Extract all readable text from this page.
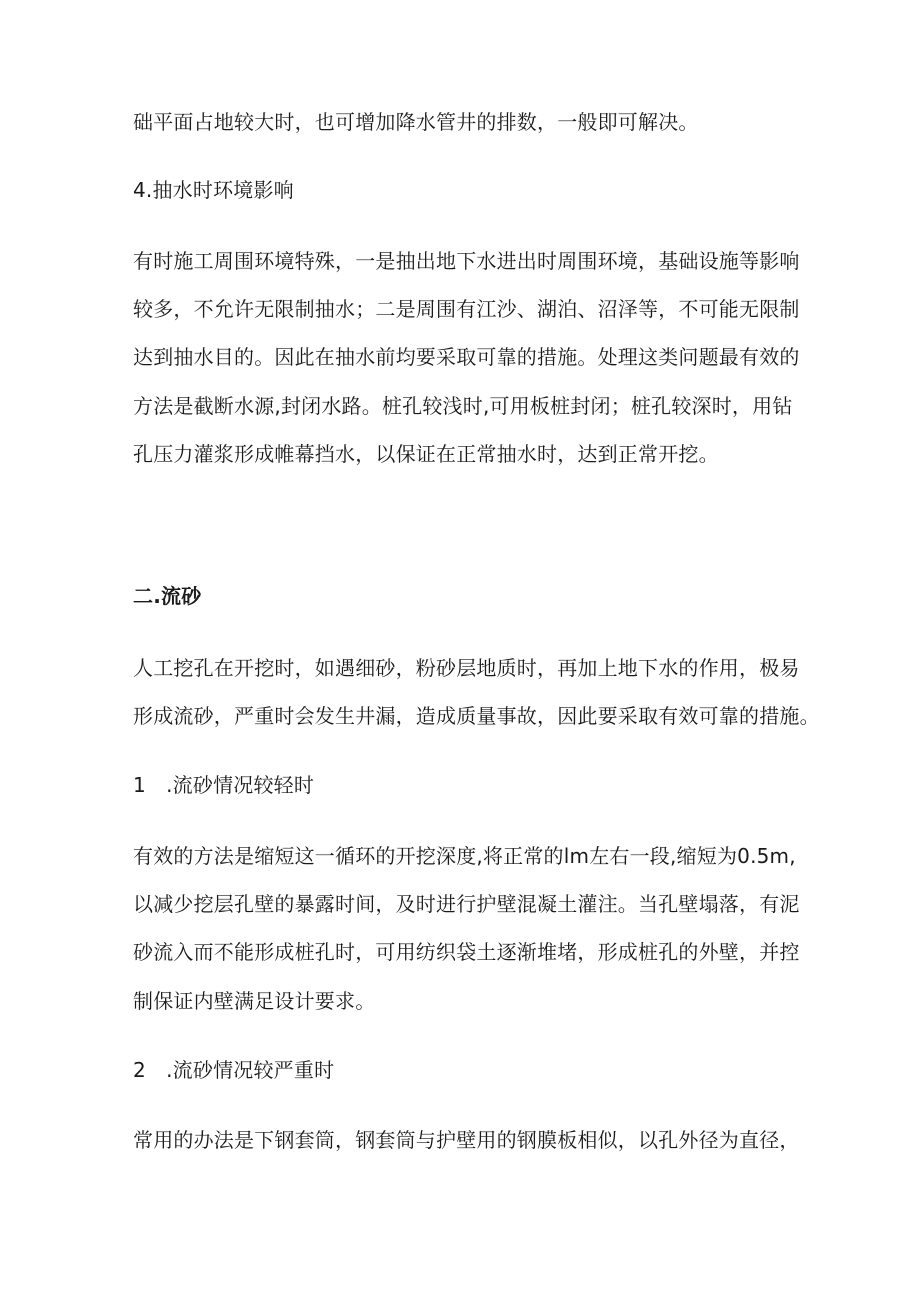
础平面占地较大时，也可增加降水管井的排数，一般即可解决。
4.抽水时环境影响
有时施工周围环境特殊，一是抽出地下水进出时周围环境，基础设施等影响
较多，不允许无限制抽水；二是周围有江沙、湖泊、沼泽等，不可能无限制
达到抽水目的。因此在抽水前均要采取可靠的措施。处理这类问题最有效的
方法是截断水源,封闭水路。桩孔较浅时,可用板桩封闭；桩孔较深时，用钻
孔压力灌浆形成帷幕挡水，以保证在正常抽水时，达到正常开挖。
二.流砂
人工挖孔在开挖时，如遇细砂，粉砂层地质时，再加上地下水的作用，极易
形成流砂，严重时会发生井漏，造成质量事故，因此要采取有效可靠的措施。
1　.流砂情况较轻时
有效的方法是缩短这一循环的开挖深度,将正常的lm左右一段,缩短为0.5m,
以减少挖层孔壁的暴露时间，及时进行护壁混凝土灌注。当孔壁塌落，有泥
砂流入而不能形成桩孔时，可用纺织袋土逐渐堆堵，形成桩孔的外壁，并控
制保证内壁满足设计要求。
2　.流砂情况较严重时
常用的办法是下钢套筒，钢套筒与护壁用的钢膜板相似，以孔外径为直径，
